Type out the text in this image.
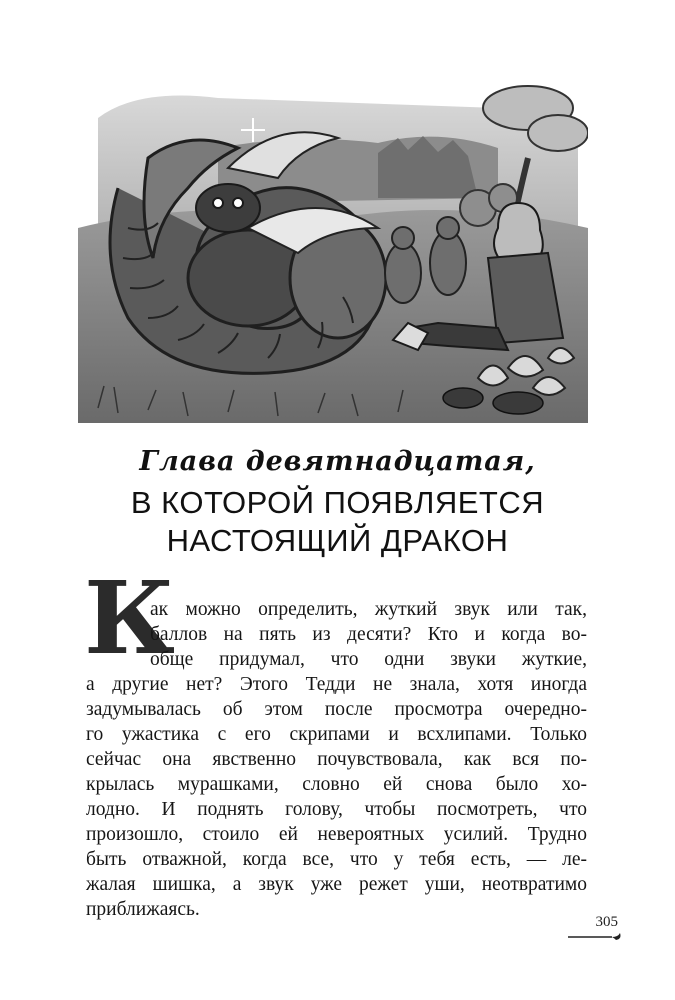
Глава девятнадцатая,
В КОТОРОЙ ПОЯВЛЯЕТСЯ
НАСТОЯЩИЙ ДРАКОН
К
ак можно определить, жуткий звук или так,
баллов на пять из десяти? Кто и когда во-
обще придумал, что одни звуки жуткие,
а другие нет? Этого Тедди не знала, хотя иногда
задумывалась об этом после просмотра очередно-
го ужастика с его скрипами и всхлипами. Только
сейчас она явственно почувствовала, как вся по-
крылась мурашками, словно ей снова было хо-
лодно. И поднять голову, чтобы посмотреть, что
произошло, стоило ей невероятных усилий. Трудно
быть отважной, когда все, что у тебя есть, — ле-
жалая шишка, а звук уже режет уши, неотвратимо
приближаясь.
305
